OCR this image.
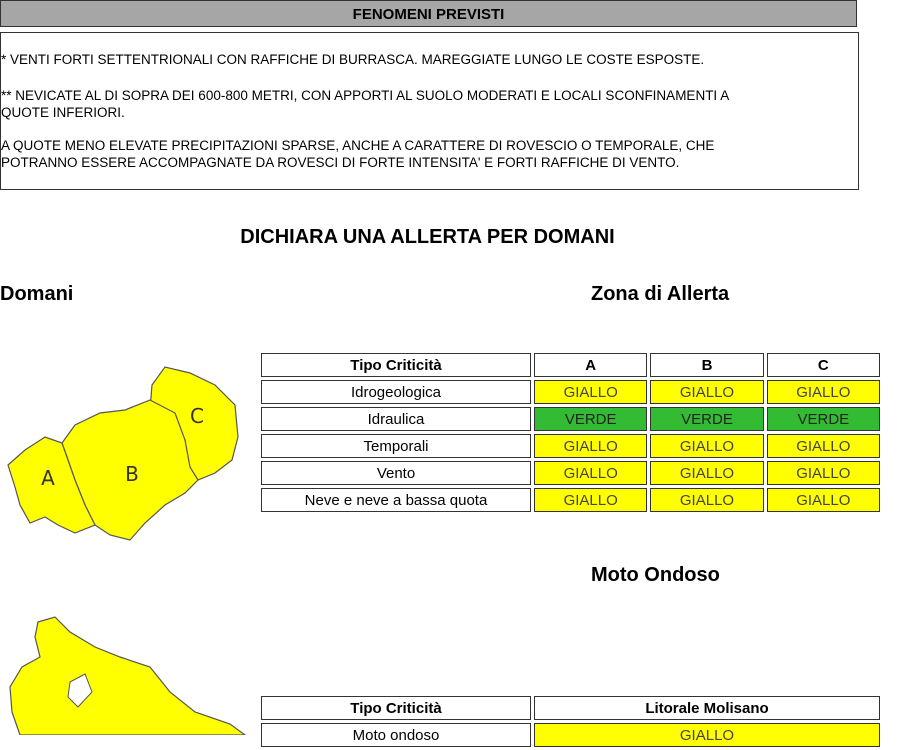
FENOMENI PREVISTI

* VENTI FORTI SETTENTRIONALI CON RAFFICHE DI BURRASCA. MAREGGIATE LUNGO LE COSTE ESPOSTE.

** NEVICATE AL DI SOPRA DEI 600-800 METRI, CON APPORTI AL SUOLO MODERATI E LOCALI SCONFINAMENTI A

QUOTE INFERIORI.

A QUOTE MENO ELEVATE PRECIPITAZIONI SPARSE, ANCHE A CARATTERE DI ROVESCIO O TEMPORALE, CHE

POTRANNO ESSERE ACCOMPAGNATE DA ROVESCI DI FORTE INTENSITA' E FORTI RAFFICHE DI VENTO.

DICHIARA UNA ALLERTA PER DOMANI
Domani	Zona di Allerta
A	B
C
Tipo Criticità	A	B	C
Idrogeologica	GIALLO	GIALLO	GIALLO
Idraulica	VERDE	VERDE	VERDE
Temporali	GIALLO	GIALLO	GIALLO
Vento	GIALLO	GIALLO	GIALLO
Neve e neve a bassa quota	GIALLO	GIALLO	GIALLO
Moto Ondoso
Tipo Criticità	Litorale Molisano
Moto ondoso	GIALLO
